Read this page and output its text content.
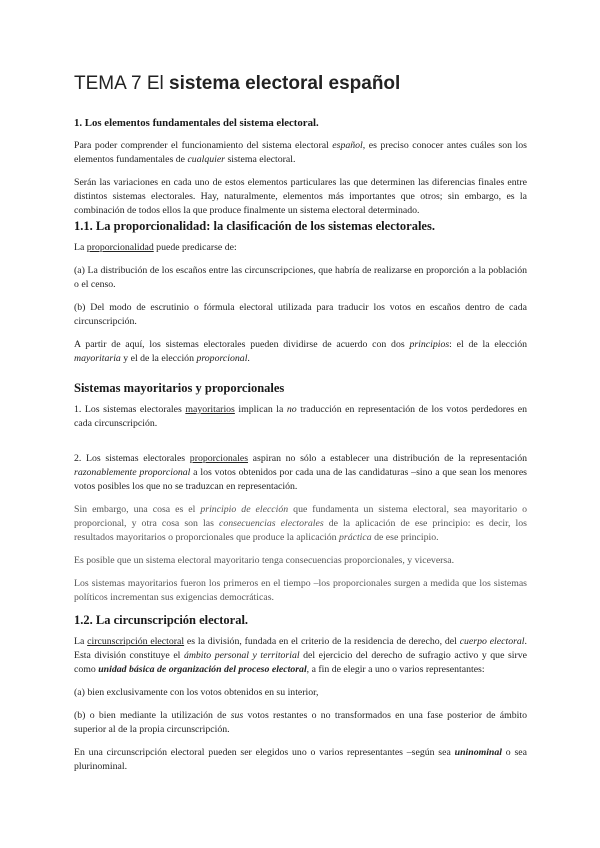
TEMA 7 El sistema electoral español
1. Los elementos fundamentales del sistema electoral.

Para poder comprender el funcionamiento del sistema electoral español, es preciso conocer antes cuáles son los elementos fundamentales de cualquier sistema electoral.

Serán las variaciones en cada uno de estos elementos particulares las que determinen las diferencias finales entre distintos sistemas electorales. Hay, naturalmente, elementos más importantes que otros; sin embargo, es la combinación de todos ellos la que produce finalmente un sistema electoral determinado.

1.1. La proporcionalidad: la clasificación de los sistemas electorales.

La proporcionalidad puede predicarse de:

(a) La distribución de los escaños entre las circunscripciones, que habría de realizarse en proporción a la población o el censo.

(b) Del modo de escrutinio o fórmula electoral utilizada para traducir los votos en escaños dentro de cada circunscripción.

A partir de aquí, los sistemas electorales pueden dividirse de acuerdo con dos principios: el de la elección mayoritaria y el de la elección proporcional.

Sistemas mayoritarios y proporcionales

1. Los sistemas electorales mayoritarios implican la no traducción en representación de los votos perdedores en cada circunscripción.

2. Los sistemas electorales proporcionales aspiran no sólo a establecer una distribución de la representación razonablemente proporcional a los votos obtenidos por cada una de las candidaturas –sino a que sean los menores votos posibles los que no se traduzcan en representación.

Sin embargo, una cosa es el principio de elección que fundamenta un sistema electoral, sea mayoritario o proporcional, y otra cosa son las consecuencias electorales de la aplicación de ese principio: es decir, los resultados mayoritarios o proporcionales que produce la aplicación práctica de ese principio.

Es posible que un sistema electoral mayoritario tenga consecuencias proporcionales, y viceversa.

Los sistemas mayoritarios fueron los primeros en el tiempo –los proporcionales surgen a medida que los sistemas políticos incrementan sus exigencias democráticas.

1.2. La circunscripción electoral.

La circunscripción electoral es la división, fundada en el criterio de la residencia de derecho, del cuerpo electoral. Esta división constituye el ámbito personal y territorial del ejercicio del derecho de sufragio activo y que sirve como unidad básica de organización del proceso electoral, a fin de elegir a uno o varios representantes:

(a) bien exclusivamente con los votos obtenidos en su interior,

(b) o bien mediante la utilización de sus votos restantes o no transformados en una fase posterior de ámbito superior al de la propia circunscripción.

En una circunscripción electoral pueden ser elegidos uno o varios representantes –según sea uninominal o sea plurinominal.
